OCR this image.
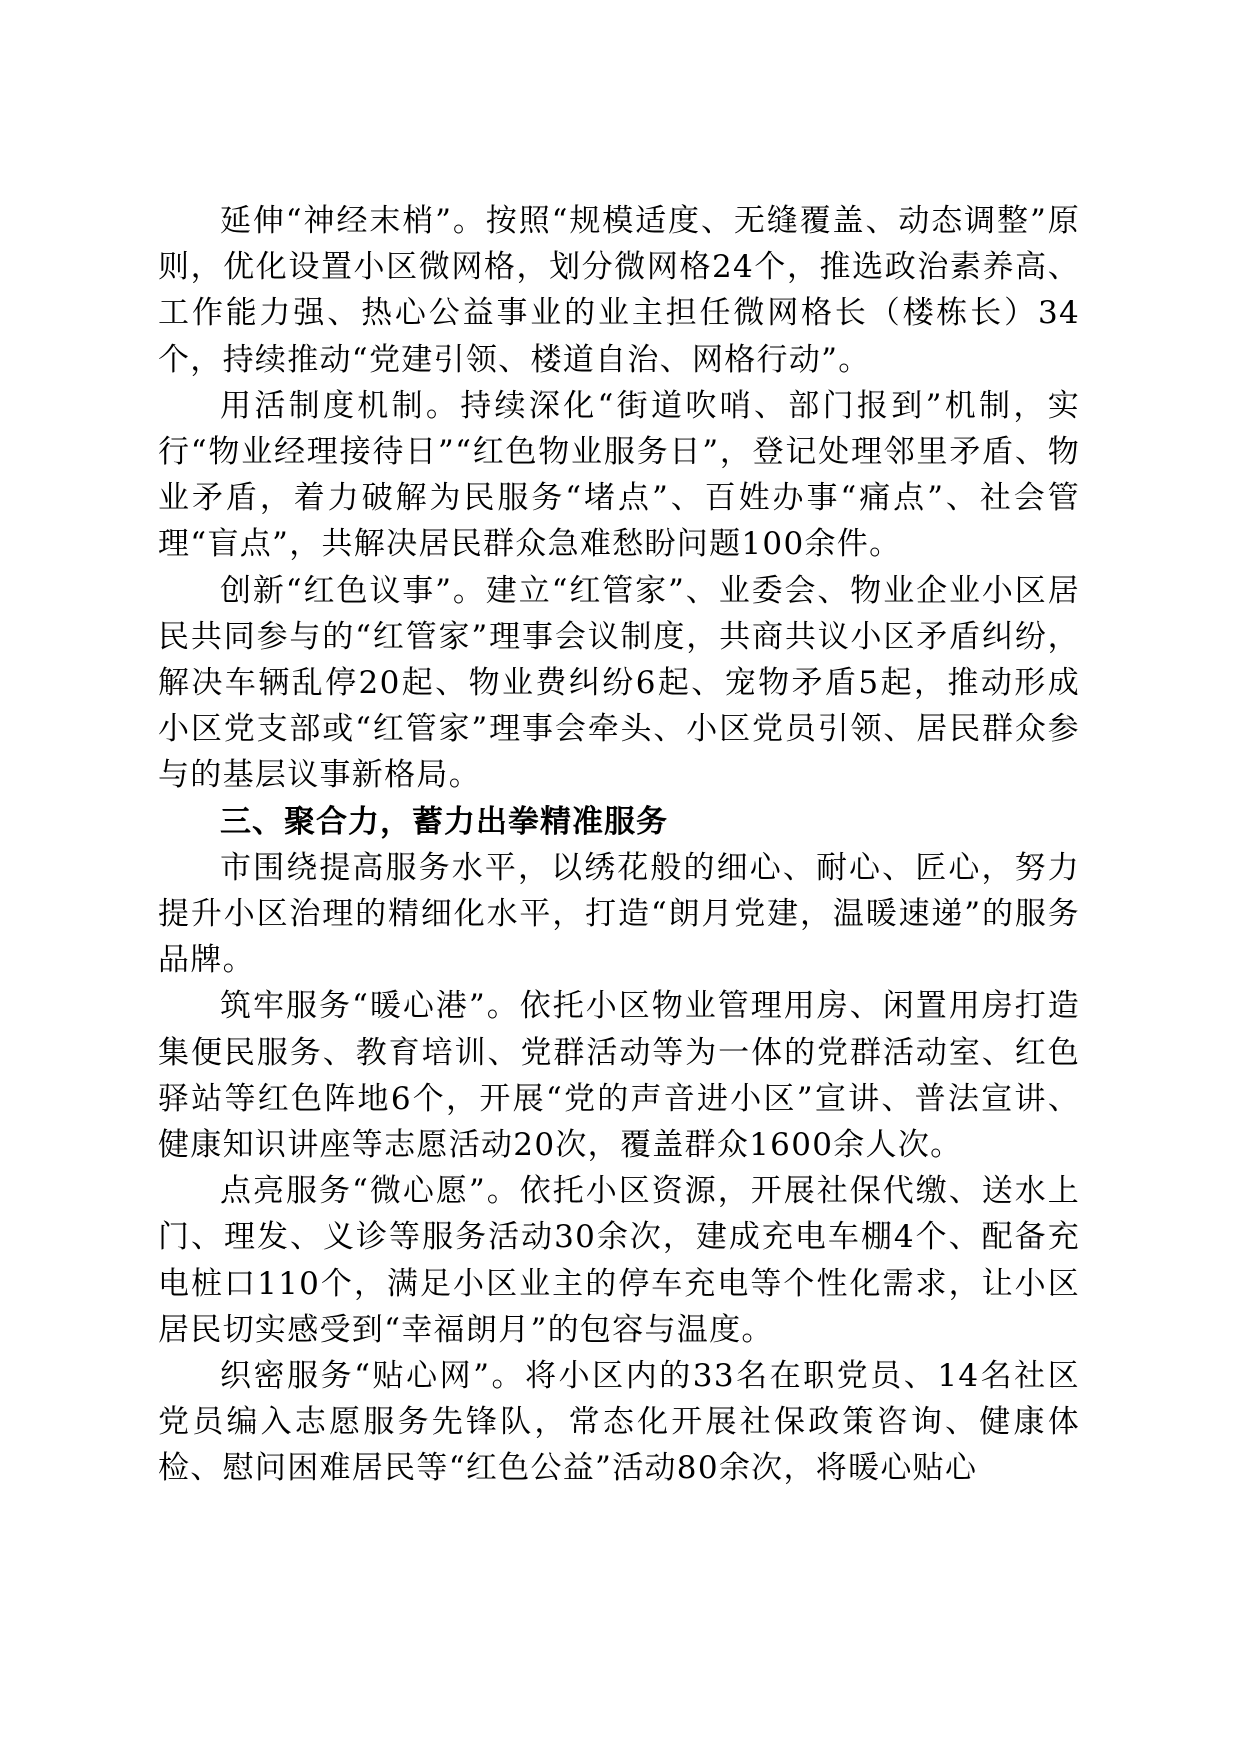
延伸“神经末梢”。按照“规模适度、无缝覆盖、动态调整”原则，优化设置小区微网格，划分微网格24个，推选政治素养高、工作能力强、热心公益事业的业主担任微网格长（楼栋长）34个，持续推动“党建引领、楼道自治、网格行动”。

用活制度机制。持续深化“街道吹哨、部门报到”机制，实行“物业经理接待日”“红色物业服务日”，登记处理邻里矛盾、物业矛盾，着力破解为民服务“堵点”、百姓办事“痛点”、社会管理“盲点”，共解决居民群众急难愁盼问题100余件。

创新“红色议事”。建立“红管家”、业委会、物业企业小区居民共同参与的“红管家”理事会议制度，共商共议小区矛盾纠纷，解决车辆乱停20起、物业费纠纷6起、宠物矛盾5起，推动形成小区党支部或“红管家”理事会牵头、小区党员引领、居民群众参与的基层议事新格局。

三、聚合力，蓄力出拳精准服务

市围绕提高服务水平，以绣花般的细心、耐心、匠心，努力提升小区治理的精细化水平，打造“朗月党建，温暖速递”的服务品牌。

筑牢服务“暖心港”。依托小区物业管理用房、闲置用房打造集便民服务、教育培训、党群活动等为一体的党群活动室、红色驿站等红色阵地6个，开展“党的声音进小区”宣讲、普法宣讲、健康知识讲座等志愿活动20次，覆盖群众1600余人次。

点亮服务“微心愿”。依托小区资源，开展社保代缴、送水上门、理发、义诊等服务活动30余次，建成充电车棚4个、配备充电桩口110个，满足小区业主的停车充电等个性化需求，让小区居民切实感受到“幸福朗月”的包容与温度。

织密服务“贴心网”。将小区内的33名在职党员、14名社区党员编入志愿服务先锋队，常态化开展社保政策咨询、健康体检、慰问困难居民等“红色公益”活动80余次，将暖心贴心
